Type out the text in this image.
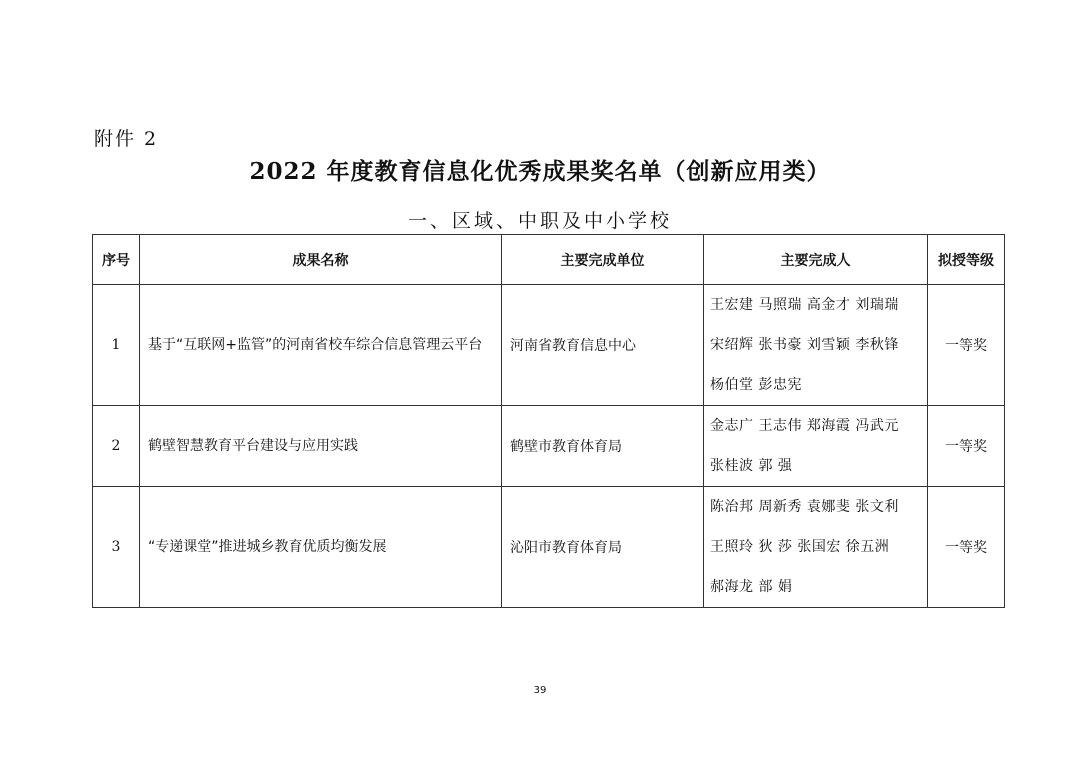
附件 2
2022 年度教育信息化优秀成果奖名单（创新应用类）
一、区域、中职及中小学校
序号	成果名称	主要完成单位	主要完成人	拟授等级
1	基于“互联网+监管”的河南省校车综合信息管理云平台	河南省教育信息中心	王宏建 马照瑞 高金才 刘瑞瑞
宋绍辉 张书豪 刘雪颖 李秋锋
杨伯堂 彭忠宪	一等奖
2	鹤壁智慧教育平台建设与应用实践	鹤壁市教育体育局	金志广 王志伟 郑海霞 冯武元
张桂波 郭 强	一等奖
3	“专递课堂”推进城乡教育优质均衡发展	沁阳市教育体育局	陈治邦 周新秀 袁娜斐 张文利
王照玲 狄 莎 张国宏 徐五洲
郝海龙 部 娟	一等奖
39
